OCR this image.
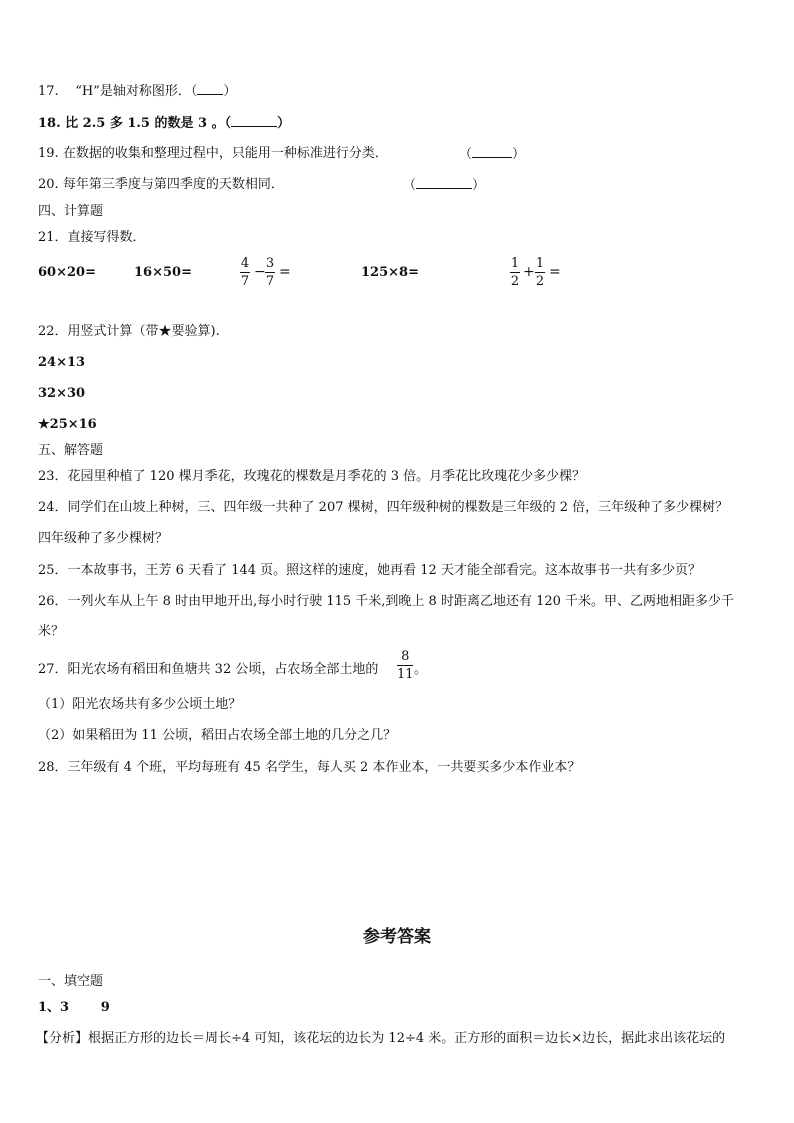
17. “H”是轴对称图形．（ ）
18. 比 2.5 多 1.5 的数是 3 。（	）
19. 在数据的收集和整理过程中，只能用一种标准进行分类．	（	）
20. 每年第三季度与第四季度的天数相同．	（	）
四、计算题
21．直接写得数．
60×20=	16×50=
4
7
−
3
7
=	125×8=
1
2
+
1
2
=
22．用竖式计算（带★要验算).
24×13
32×30
★25×16
五、解答题
23．花园里种植了 120 棵月季花，玫瑰花的棵数是月季花的 3 倍。月季花比玫瑰花少多少棵？
24．同学们在山坡上种树，三、四年级一共种了 207 棵树，四年级种树的棵数是三年级的 2 倍，三年级种了多少棵树？
四年级种了多少棵树？
25．一本故事书，王芳 6 天看了 144 页。照这样的速度，她再看 12 天才能全部看完。这本故事书一共有多少页？
26．一列火车从上午 8 时由甲地开出,每小时行驶 115 千米,到晚上 8 时距离乙地还有 120 千米。甲、乙两地相距多少千
米？
27．阳光农场有稻田和鱼塘共 32 公顷，占农场全部土地的
8
11 。
（1）阳光农场共有多少公顷土地？
（2）如果稻田为 11 公顷，稻田占农场全部土地的几分之几？
28．三年级有 4 个班，平均每班有 45 名学生，每人买 2 本作业本，一共要买多少本作业本？
参考答案
一、填空题
1、3 9
【分析】根据正方形的边长＝周长÷4 可知，该花坛的边长为 12÷4 米。正方形的面积＝边长×边长，据此求出该花坛的
